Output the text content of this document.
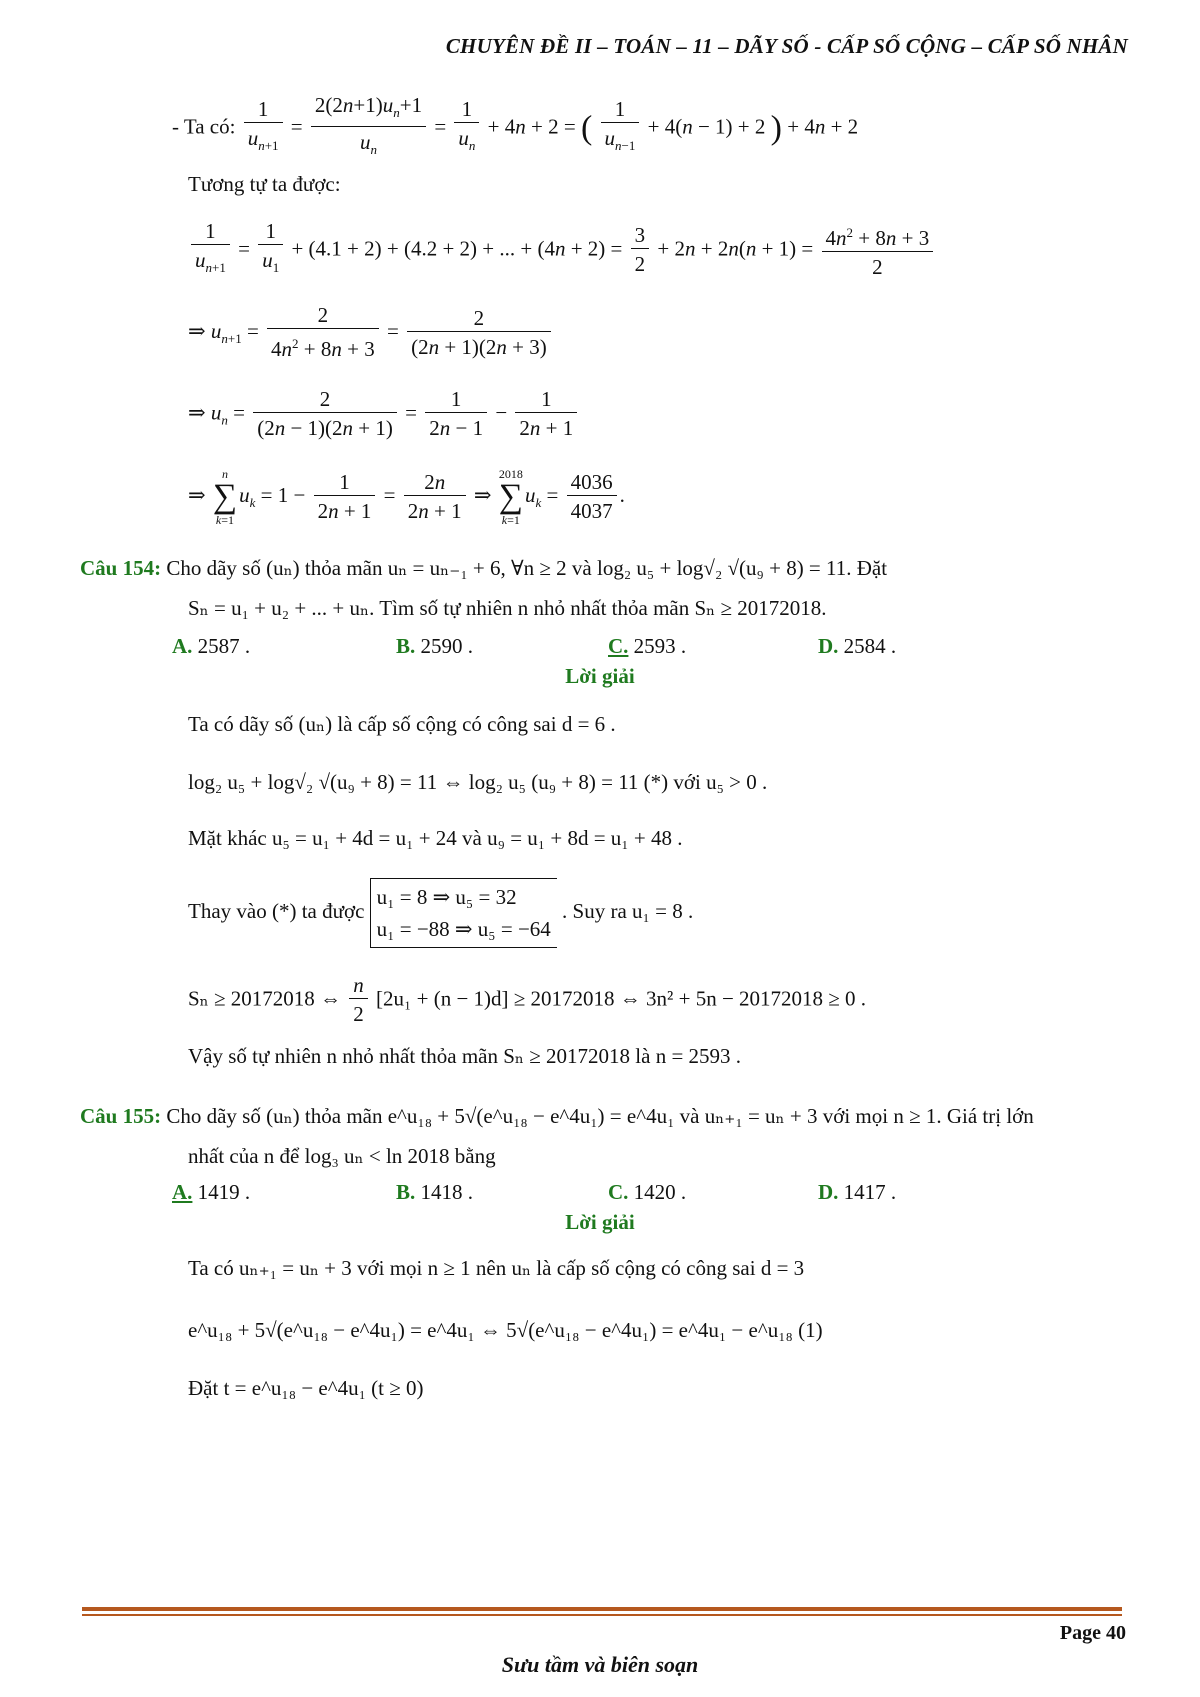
CHUYÊN ĐỀ II – TOÁN – 11 – DÃY SỐ - CẤP SỐ CỘNG – CẤP SỐ NHÂN
- Ta có: $\frac{1}{u_{n+1}} = \frac{2(2n+1)u_n+1}{u_n} = \frac{1}{u_n} + 4n + 2$ = ( $\frac{1}{u_{n-1}} + 4(n - 1) + 2$ ) + 4n + 2
Tương tự ta được:
$\frac{1}{u_{n+1}} = \frac{1}{u_1} + (4.1 + 2) + (4.2 + 2)$ + ... + $(4n + 2) = \frac{3}{2} + 2n + 2n(n + 1) = \frac{4n^2 + 8n + 3}{2}$
⇒ $u_{n+1} = \frac{2}{4n^2 + 8n + 3} = \frac{2}{(2n + 1)(2n + 3)}$
⇒ $u_n = \frac{2}{(2n - 1)(2n + 1)} = \frac{1}{2n - 1} - \frac{1}{2n + 1}$
⇒
n
∑
k=1
$u_k = 1 - \frac{1}{2n + 1} = \frac{2n}{2n + 1}$ ⇒
2018
∑
k=1
$u_k = \frac{4036}{4037}$ .
Câu 154: Cho dãy số (uₙ) thỏa mãn uₙ = uₙ₋₁ + 6, ∀n ≥ 2 và log₂ u₅ + log√₂ √(u₉ + 8) = 11. Đặt
Sₙ = u₁ + u₂ + ... + uₙ. Tìm số tự nhiên n nhỏ nhất thỏa mãn Sₙ ≥ 20172018.
A. 2587 .	B. 2590 .	C. 2593 .	D. 2584 .
Lời giải
Ta có dãy số (uₙ) là cấp số cộng có công sai d = 6 .
log₂ u₅ + log√₂ √(u₉ + 8) = 11 ⇔ log₂ u₅ (u₉ + 8) = 11 (*) với u₅ > 0 .
Mặt khác u₅ = u₁ + 4d = u₁ + 24 và u₉ = u₁ + 8d = u₁ + 48 .
Thay vào (*) ta được u₁ = 8 ⇒ u₅ = 32
u₁ = −88 ⇒ u₅ = −64 . Suy ra u₁ = 8 .
Sₙ ≥ 20172018 ⇔ $\frac{n}{2} [2u_1 + (n - 1)d] \ge 20172018$ ⇔ 3n² + 5n − 20172018 ≥ 0 .
Vậy số tự nhiên n nhỏ nhất thỏa mãn Sₙ ≥ 20172018 là n = 2593 .
Câu 155: Cho dãy số (uₙ) thỏa mãn e^u₁₈ + 5√(e^u₁₈ − e^4u₁) = e^4u₁ và uₙ₊₁ = uₙ + 3 với mọi n ≥ 1. Giá trị lớn
nhất của n để log₃ uₙ < ln 2018 bằng
A. 1419 .	B. 1418 .	C. 1420 .	D. 1417 .
Lời giải
Ta có uₙ₊₁ = uₙ + 3 với mọi n ≥ 1 nên uₙ là cấp số cộng có công sai d = 3
e^u₁₈ + 5√(e^u₁₈ − e^4u₁) = e^4u₁ ⇔ 5√(e^u₁₈ − e^4u₁) = e^4u₁ − e^u₁₈ (1)
Đặt t = e^u₁₈ − e^4u₁ (t ≥ 0)
Page 40
Sưu tầm và biên soạn
